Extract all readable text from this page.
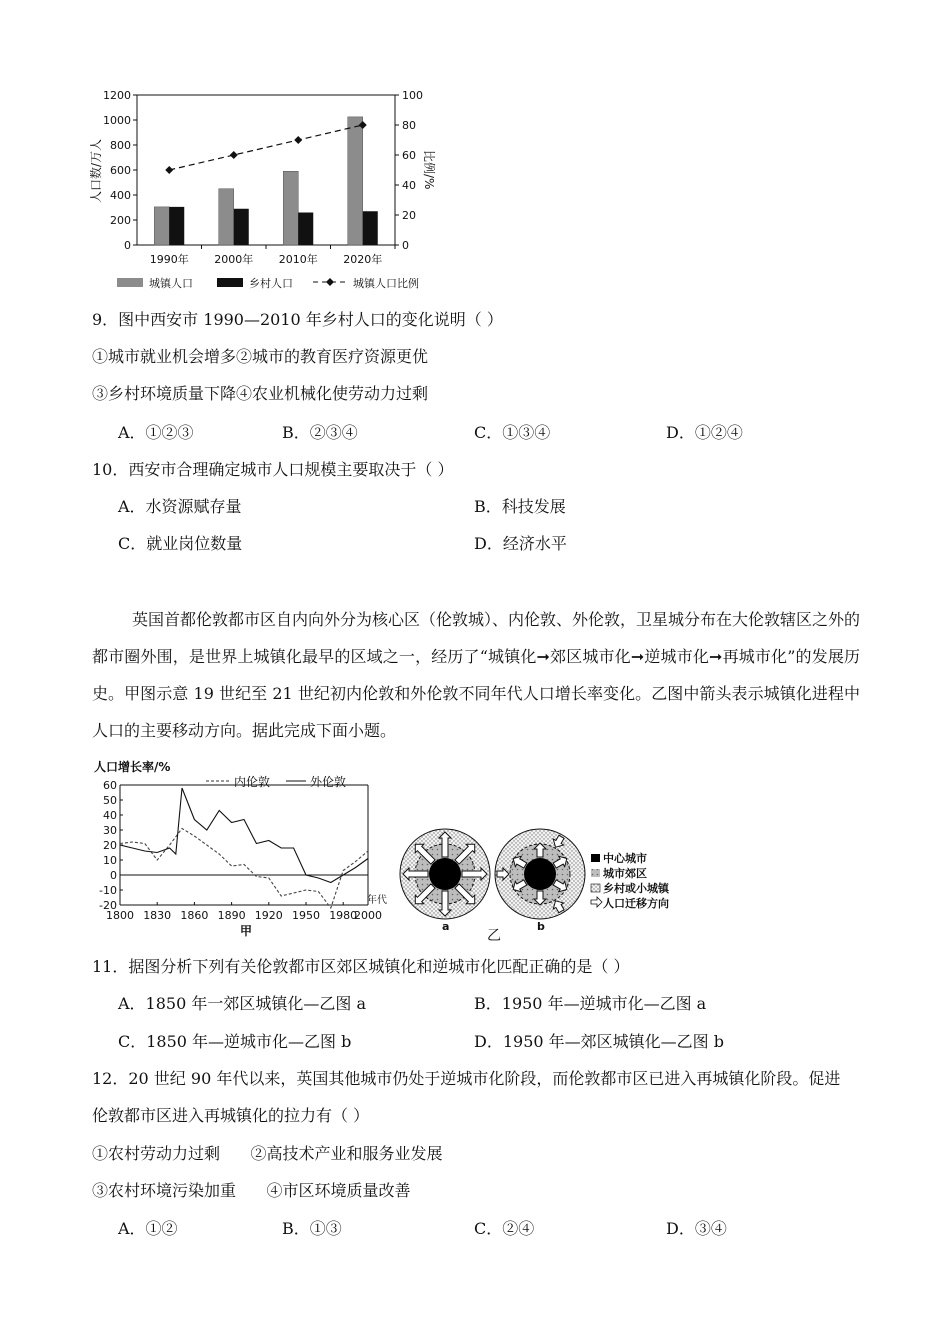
1990年 2000年 2010年 2020年
0
200
400
600
800
1000
1200
0
20
40
60
80
100
人口数/万人	比例/%
城镇人口	乡村人口	城镇人口比例
9．图中西安市 1990—2010 年乡村人口的变化说明（ ）
①城市就业机会增多②城市的教育医疗资源更优
③乡村环境质量下降④农业机械化使劳动力过剩
A．①②③	B．②③④	C．①③④	D．①②④
10．西安市合理确定城市人口规模主要取决于（ ）
A．水资源赋存量	B．科技发展
C．就业岗位数量	D．经济水平
英国首都伦敦都市区自内向外分为核心区（伦敦城）、内伦敦、外伦敦，卫星城分布在大伦敦辖区之外的都市圈外围，是世界上城镇化最早的区域之一，经历了“城镇化➞郊区城市化➞逆城市化➞再城市化”的发展历史。甲图示意 19 世纪至 21 世纪初内伦敦和外伦敦不同年代人口增长率变化。乙图中箭头表示城镇化进程中人口的主要移动方向。据此完成下面小题。
人口增长率/%
内伦敦	外伦敦
60
50
40
30
20
10
0
-10
-20
1800 1830 1860 1890 1920 1950 1980
2000
年代
甲	a	b
乙
中心城市
城市郊区
乡村或小城镇
人口迁移方向
11．据图分析下列有关伦敦都市区郊区城镇化和逆城市化匹配正确的是（ ）
A．1850 年一郊区城镇化—乙图 a	B．1950 年—逆城市化—乙图 a
C．1850 年—逆城市化—乙图 b	D．1950 年—郊区城镇化—乙图 b
12．20 世纪 90 年代以来，英国其他城市仍处于逆城市化阶段，而伦敦都市区已进入再城镇化阶段。促进
伦敦都市区进入再城镇化的拉力有（ ）
①农村劳动力过剩      ②高技术产业和服务业发展
③农村环境污染加重      ④市区环境质量改善
A．①②	B．①③	C．②④	D．③④
